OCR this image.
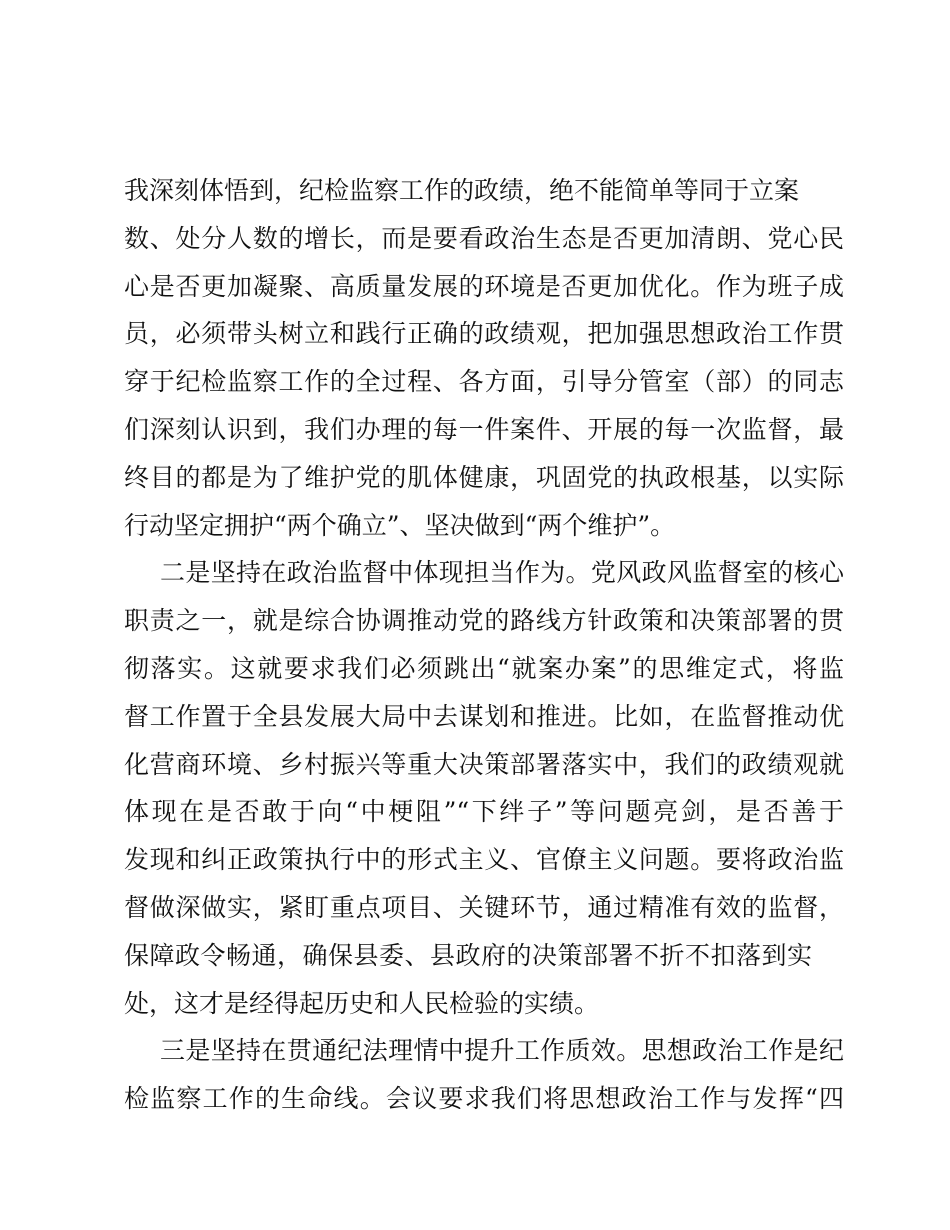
我深刻体悟到，纪检监察工作的政绩，绝不能简单等同于立案
数、处分人数的增长，而是要看政治生态是否更加清朗、党心民
心是否更加凝聚、高质量发展的环境是否更加优化。作为班子成
员，必须带头树立和践行正确的政绩观，把加强思想政治工作贯
穿于纪检监察工作的全过程、各方面，引导分管室（部）的同志
们深刻认识到，我们办理的每一件案件、开展的每一次监督，最
终目的都是为了维护党的肌体健康，巩固党的执政根基，以实际
行动坚定拥护“两个确立”、坚决做到“两个维护”。
二是坚持在政治监督中体现担当作为。党风政风监督室的核心
职责之一，就是综合协调推动党的路线方针政策和决策部署的贯
彻落实。这就要求我们必须跳出“就案办案”的思维定式，将监
督工作置于全县发展大局中去谋划和推进。比如，在监督推动优
化营商环境、乡村振兴等重大决策部署落实中，我们的政绩观就
体现在是否敢于向“中梗阻”“下绊子”等问题亮剑，是否善于
发现和纠正政策执行中的形式主义、官僚主义问题。要将政治监
督做深做实，紧盯重点项目、关键环节，通过精准有效的监督，
保障政令畅通，确保县委、县政府的决策部署不折不扣落到实
处，这才是经得起历史和人民检验的实绩。
三是坚持在贯通纪法理情中提升工作质效。思想政治工作是纪
检监察工作的生命线。会议要求我们将思想政治工作与发挥“四
